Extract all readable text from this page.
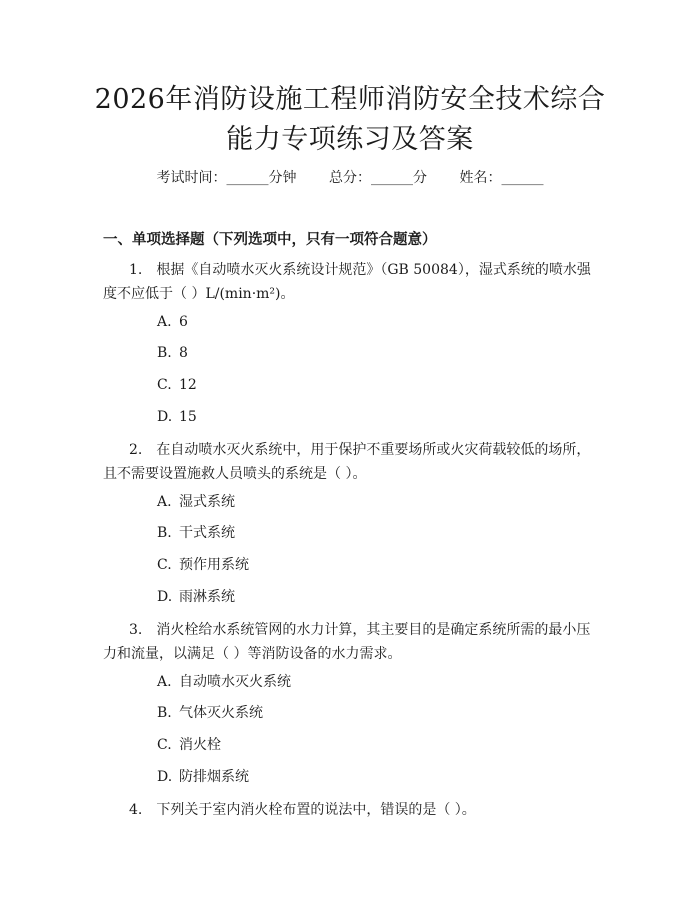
2026年消防设施工程师消防安全技术综合能力专项练习及答案
考试时间：______分钟 总分：______分 姓名：______
一、单项选择题（下列选项中，只有一项符合题意）
1. 根据《自动喷水灭火系统设计规范》（GB 50084），湿式系统的喷水强度不应低于（ ）L/(min·m²)。
A. 6
B. 8
C. 12
D. 15
2. 在自动喷水灭火系统中，用于保护不重要场所或火灾荷载较低的场所，且不需要设置施救人员喷头的系统是（ ）。
A. 湿式系统
B. 干式系统
C. 预作用系统
D. 雨淋系统
3. 消火栓给水系统管网的水力计算，其主要目的是确定系统所需的最小压力和流量，以满足（ ）等消防设备的水力需求。
A. 自动喷水灭火系统
B. 气体灭火系统
C. 消火栓
D. 防排烟系统
4. 下列关于室内消火栓布置的说法中，错误的是（ ）。
